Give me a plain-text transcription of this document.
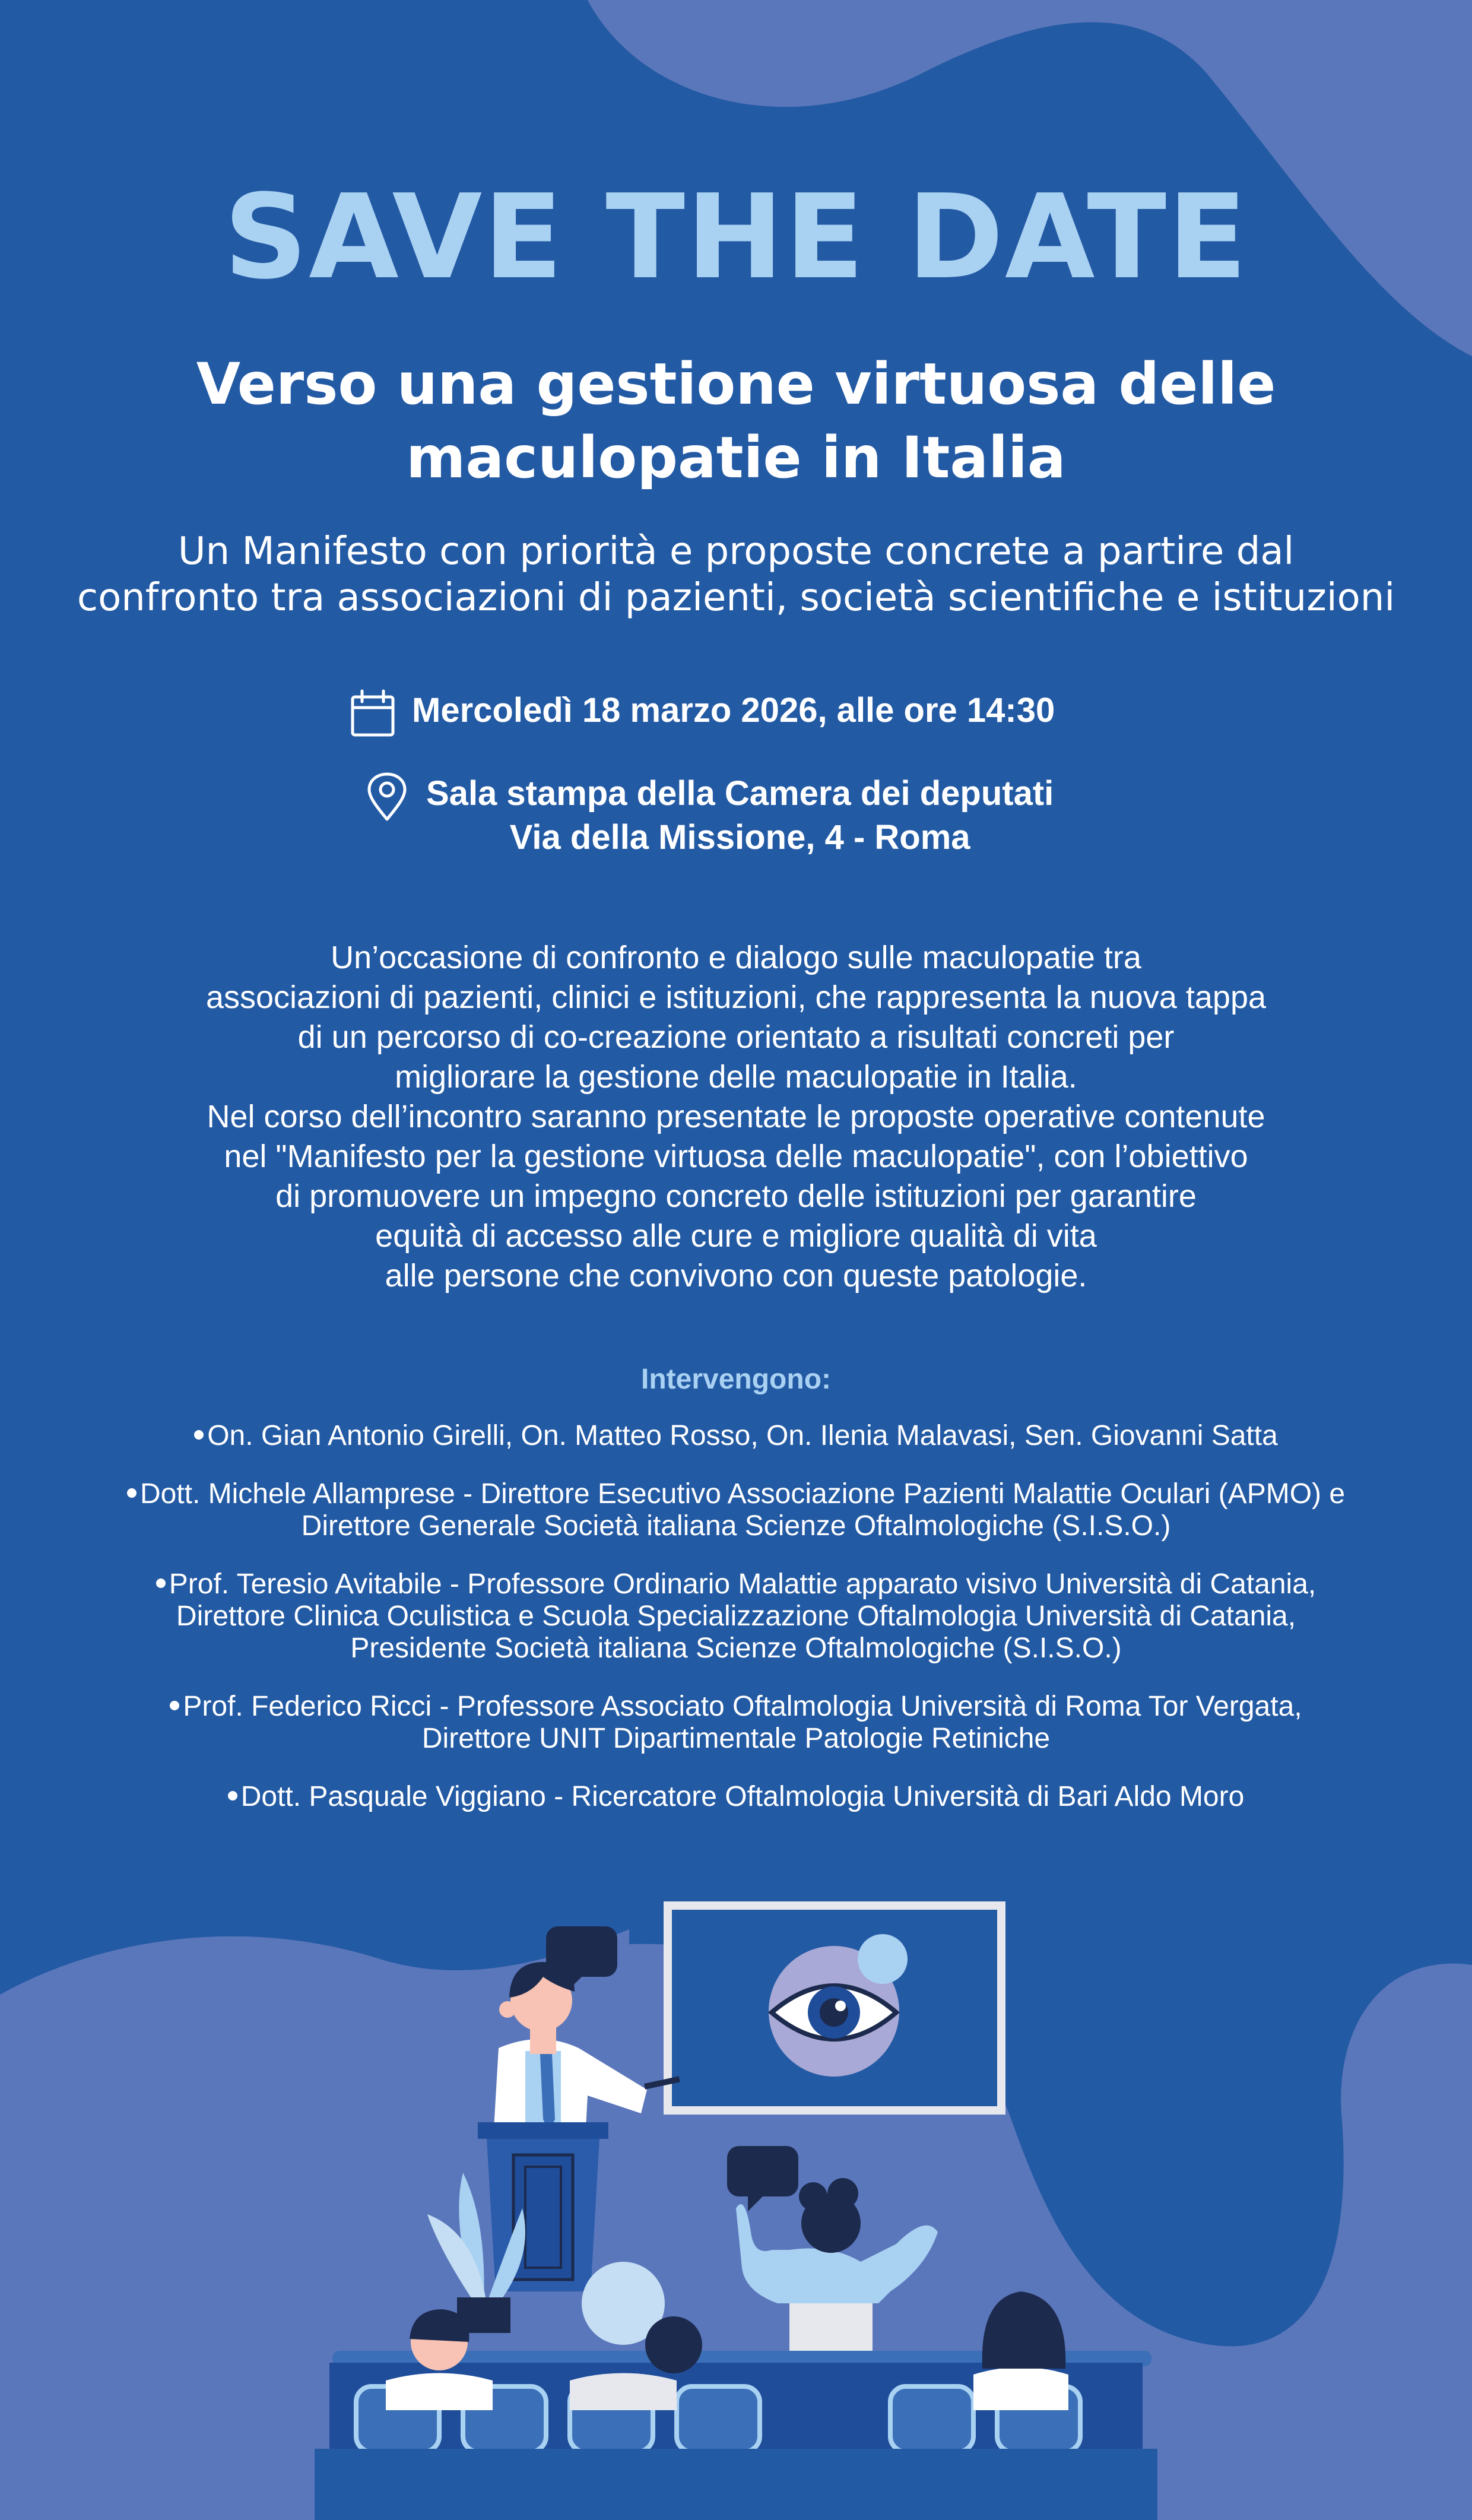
SAVE THE DATE
Verso una gestione virtuosa delle
maculopatie in Italia
Un Manifesto con priorità e proposte concrete a partire dal
confronto tra associazioni di pazienti, società scientifiche e istituzioni
Mercoledì 18 marzo 2026, alle ore 14:30
Sala stampa della Camera dei deputati
Via della Missione, 4 - Roma
Un’occasione di confronto e dialogo sulle maculopatie tra
associazioni di pazienti, clinici e istituzioni, che rappresenta la nuova tappa
di un percorso di co-creazione orientato a risultati concreti per
migliorare la gestione delle maculopatie in Italia.
Nel corso dell’incontro saranno presentate le proposte operative contenute
nel "Manifesto per la gestione virtuosa delle maculopatie", con l’obiettivo
di promuovere un impegno concreto delle istituzioni per garantire
equità di accesso alle cure e migliore qualità di vita
alle persone che convivono con queste patologie.
Intervengono:
On. Gian Antonio Girelli, On. Matteo Rosso, On. Ilenia Malavasi, Sen. Giovanni Satta
Dott. Michele Allamprese - Direttore Esecutivo Associazione Pazienti Malattie Oculari (APMO) e
Direttore Generale Società italiana Scienze Oftalmologiche (S.I.S.O.)
Prof. Teresio Avitabile - Professore Ordinario Malattie apparato visivo Università di Catania,
Direttore Clinica Oculistica e Scuola Specializzazione Oftalmologia Università di Catania,
Presidente Società italiana Scienze Oftalmologiche (S.I.S.O.)
Prof. Federico Ricci - Professore Associato Oftalmologia Università di Roma Tor Vergata,
Direttore UNIT Dipartimentale Patologie Retiniche
Dott. Pasquale Viggiano - Ricercatore Oftalmologia Università di Bari Aldo Moro
